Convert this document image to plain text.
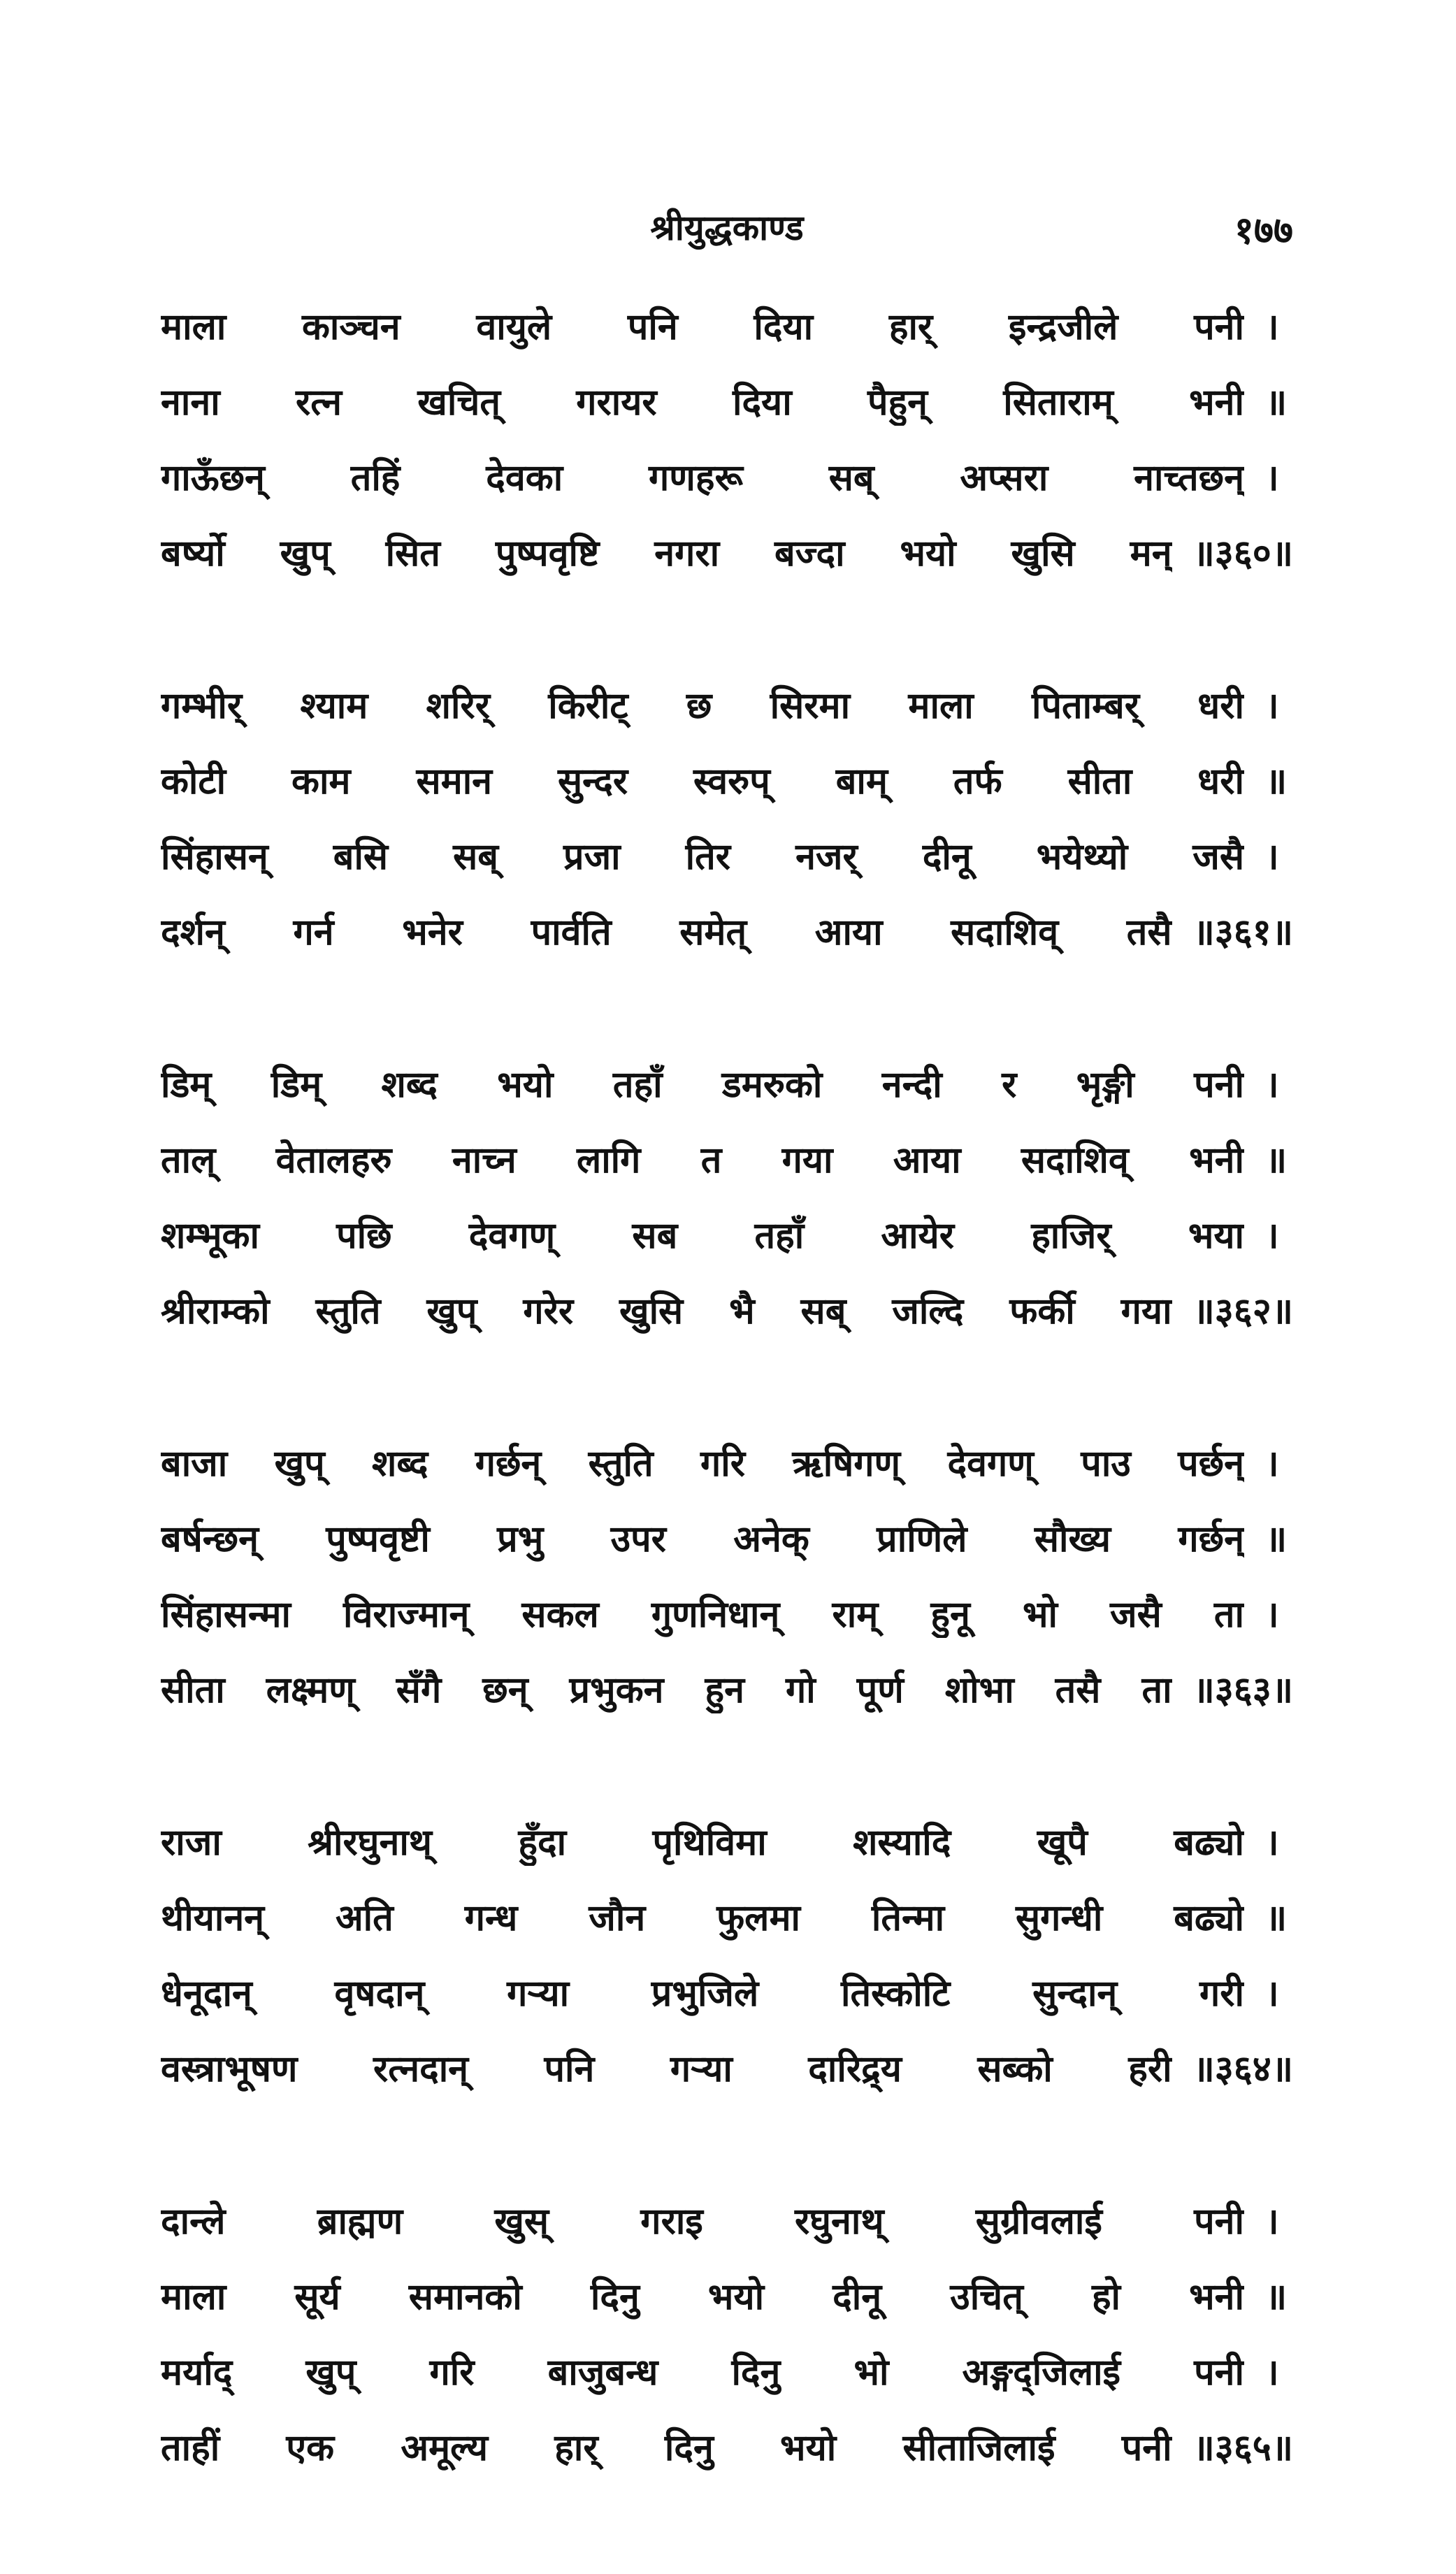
श्रीयुद्धकाण्ड	१७७
माला काञ्चन वायुले पनि दिया हार् इन्द्रजीले पनी ।
नाना रत्न खचित् गरायर दिया पैहुन् सिताराम् भनी ॥
गाऊँछन् तहिं देवका गणहरू सब् अप्सरा नाच्तछन् ।
बर्ष्यो खुप् सित पुष्पवृष्टि नगरा बज्दा भयो खुसि मन् ॥३६०॥
गम्भीर् श्याम शरिर् किरीट् छ सिरमा माला पिताम्बर् धरी ।
कोटी काम समान सुन्दर स्वरुप् बाम् तर्फ सीता धरी ॥
सिंहासन् बसि सब् प्रजा तिर नजर् दीनू भयेथ्यो जसै ।
दर्शन् गर्न भनेर पार्वति समेत् आया सदाशिव् तसै ॥३६१॥
डिम् डिम् शब्द भयो तहाँ डमरुको नन्दी र भृङ्गी पनी ।
ताल् वेतालहरु नाच्न लागि त गया आया सदाशिव् भनी ॥
शम्भूका पछि देवगण् सब तहाँ आयेर हाजिर् भया ।
श्रीराम्को स्तुति खुप् गरेर खुसि भै सब् जल्दि फर्की गया ॥३६२॥
बाजा खुप् शब्द गर्छन् स्तुति गरि ऋषिगण् देवगण् पाउ पर्छन् ।
बर्षन्छन् पुष्पवृष्टी प्रभु उपर अनेक् प्राणिले सौख्य गर्छन् ॥
सिंहासन्मा विराज्मान् सकल गुणनिधान् राम् हुनू भो जसै ता ।
सीता लक्ष्मण् सँगै छन् प्रभुकन हुन गो पूर्ण शोभा तसै ता ॥३६३॥
राजा श्रीरघुनाथ् हुँदा पृथिविमा शस्यादि खूपै बढ्यो ।
थीयानन् अति गन्ध जौन फुलमा तिन्मा सुगन्धी बढ्यो ॥
धेनूदान् वृषदान् गऱ्या प्रभुजिले तिस्कोटि सुन्दान् गरी ।
वस्त्राभूषण रत्नदान् पनि गऱ्या दारिद्र्य सब्को हरी ॥३६४॥
दान्ले ब्राह्मण खुस् गराइ रघुनाथ् सुग्रीवलाई पनी ।
माला सूर्य समानको दिनु भयो दीनू उचित् हो भनी ॥
मर्याद् खुप् गरि बाजुबन्ध दिनु भो अङ्गद्जिलाई पनी ।
ताहीं एक अमूल्य हार् दिनु भयो सीताजिलाई पनी ॥३६५॥
